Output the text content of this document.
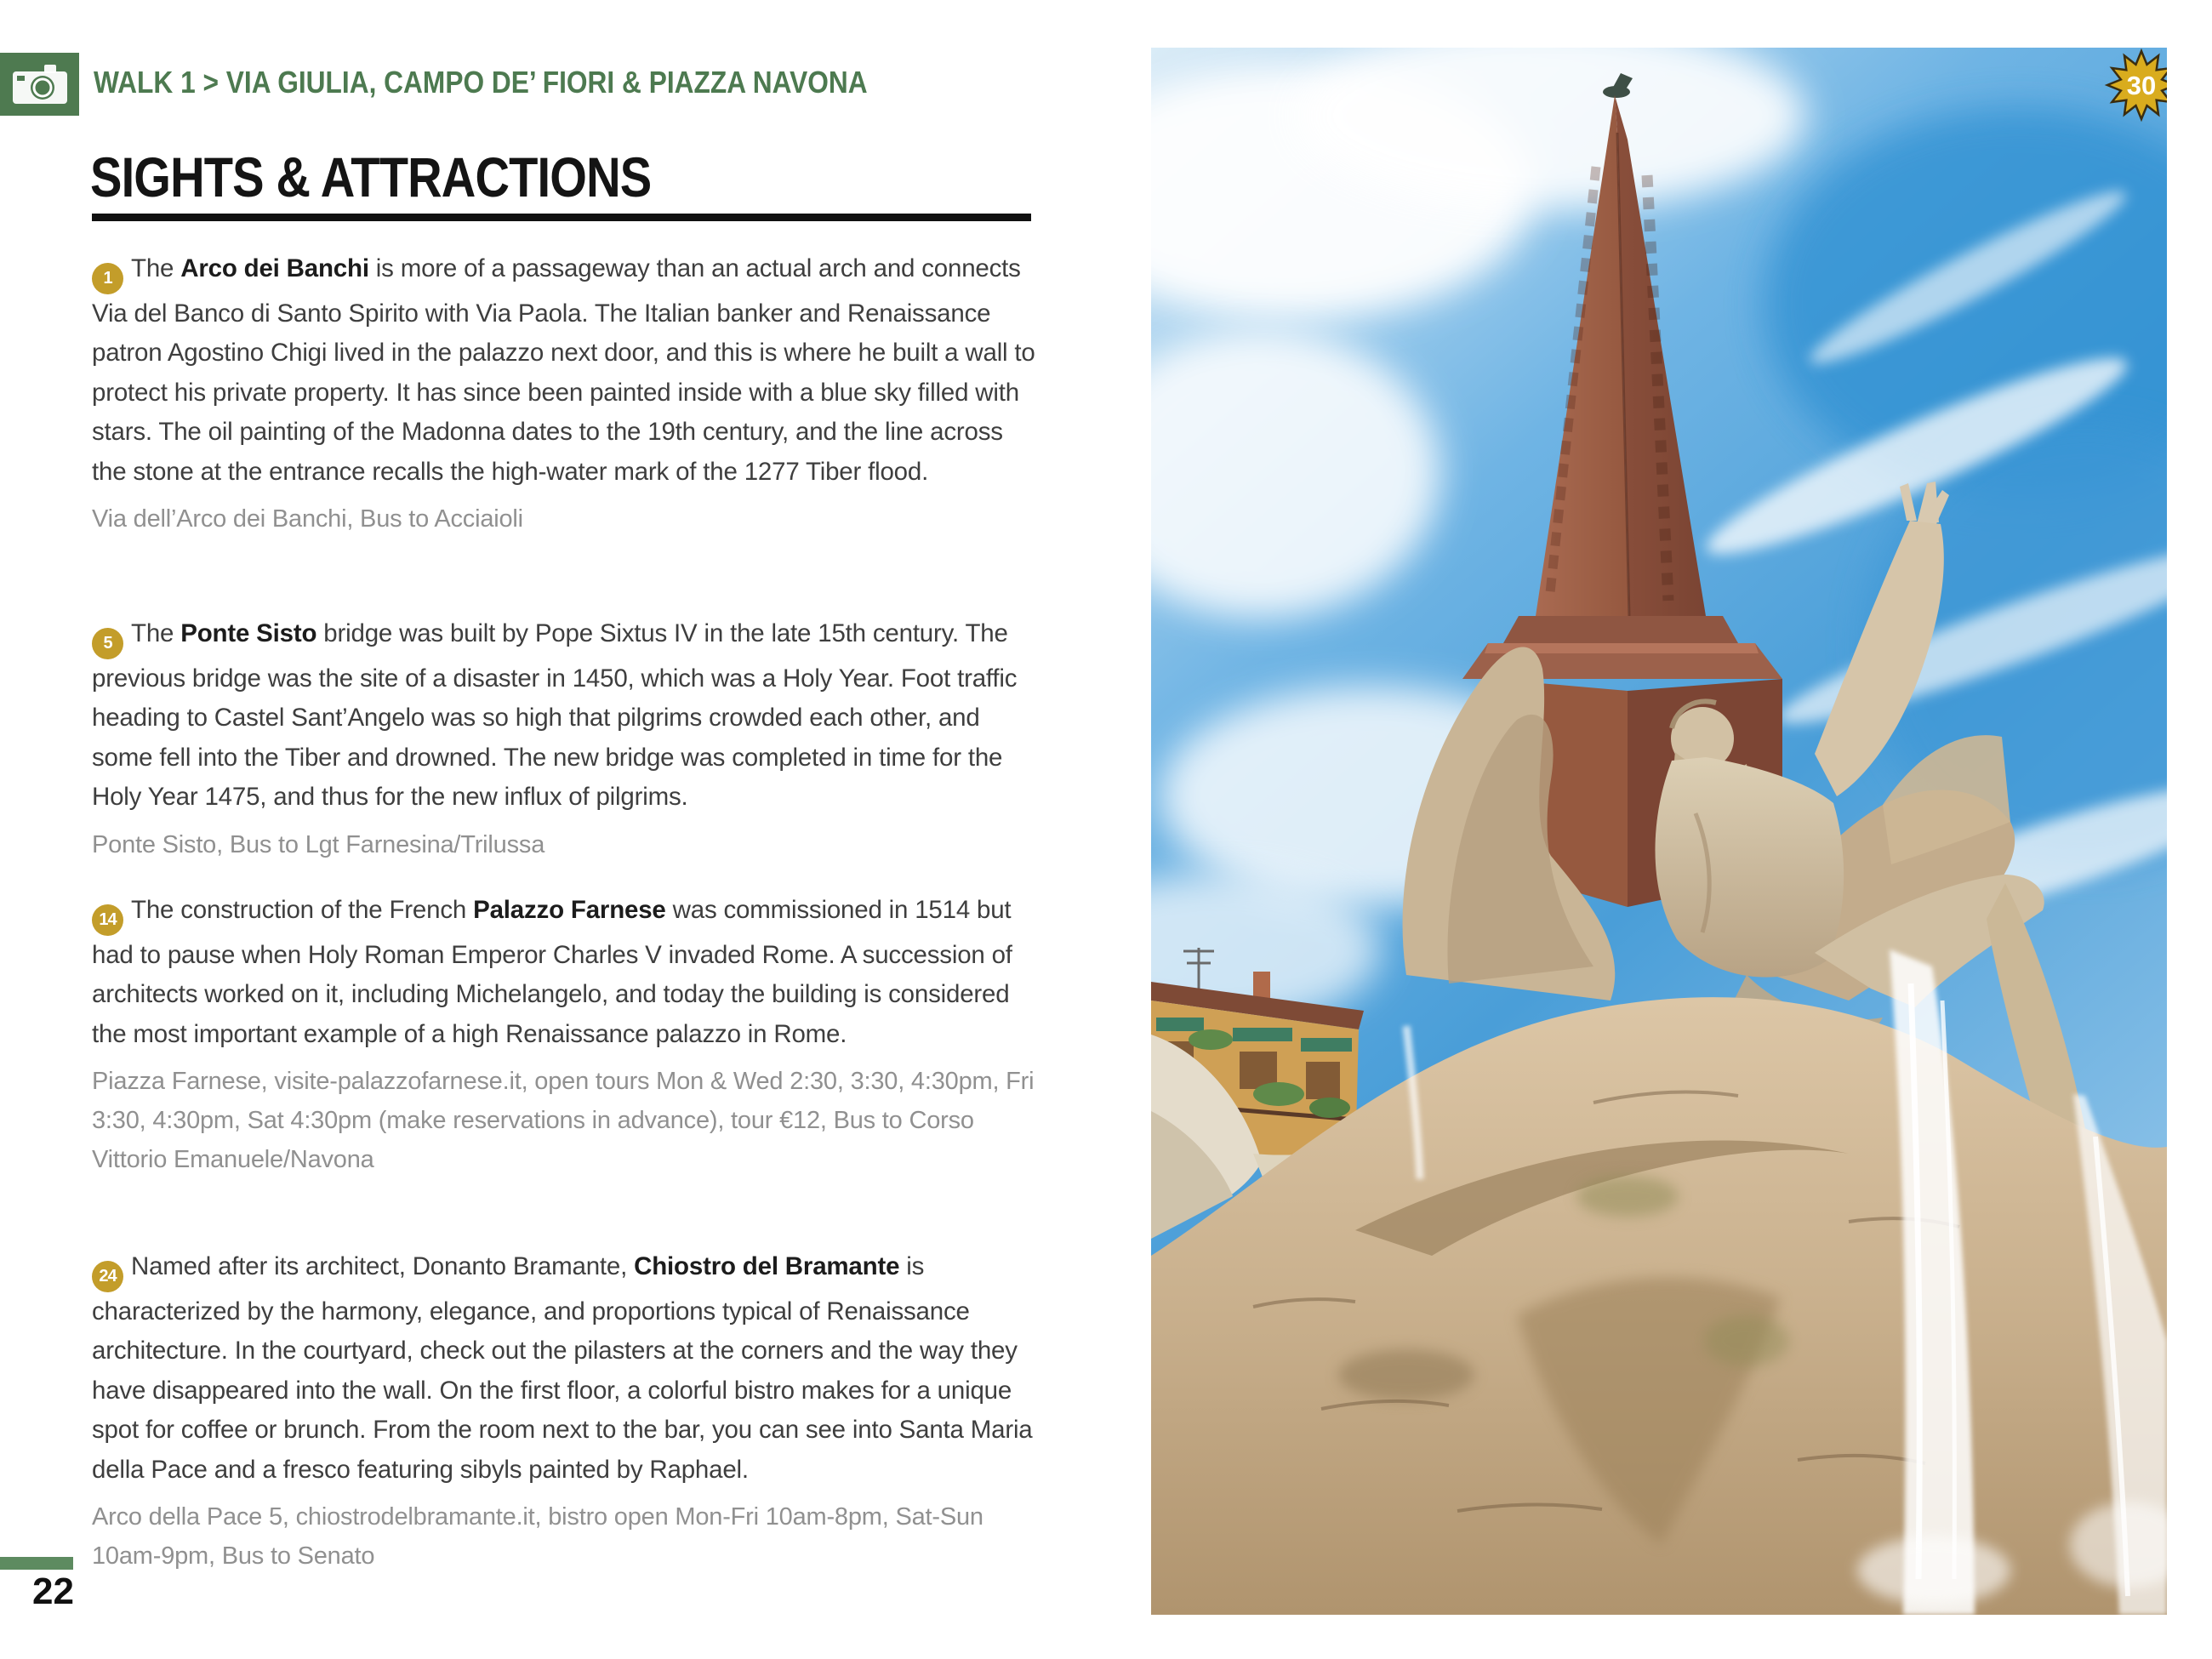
WALK 1 > VIA GIULIA, CAMPO DE’ FIORI & PIAZZA NAVONA
SIGHTS & ATTRACTIONS

1 The Arco dei Banchi is more of a passageway than an actual arch and connects Via del Banco di Santo Spirito with Via Paola. The Italian banker and Renaissance patron Agostino Chigi lived in the palazzo next door, and this is where he built a wall to protect his private property. It has since been painted inside with a blue sky filled with stars. The oil painting of the Madonna dates to the 19th century, and the line across the stone at the entrance recalls the high-water mark of the 1277 Tiber flood.

Via dell’Arco dei Banchi, Bus to Acciaioli

5 The Ponte Sisto bridge was built by Pope Sixtus IV in the late 15th century. The previous bridge was the site of a disaster in 1450, which was a Holy Year. Foot traffic heading to Castel Sant’Angelo was so high that pilgrims crowded each other, and some fell into the Tiber and drowned. The new bridge was completed in time for the Holy Year 1475, and thus for the new influx of pilgrims.

Ponte Sisto, Bus to Lgt Farnesina/Trilussa

14 The construction of the French Palazzo Farnese was commissioned in 1514 but had to pause when Holy Roman Emperor Charles V invaded Rome. A succession of architects worked on it, including Michelangelo, and today the building is considered the most important example of a high Renaissance palazzo in Rome.

Piazza Farnese, visite-palazzofarnese.it, open tours Mon & Wed 2:30, 3:30, 4:30pm, Fri 3:30, 4:30pm, Sat 4:30pm (make reservations in advance), tour €12, Bus to Corso Vittorio Emanuele/Navona

24 Named after its architect, Donanto Bramante, Chiostro del Bramante is characterized by the harmony, elegance, and proportions typical of Renaissance architecture. In the courtyard, check out the pilasters at the corners and the way they have disappeared into the wall. On the first floor, a colorful bistro makes for a unique spot for coffee or brunch. From the room next to the bar, you can see into Santa Maria della Pace and a fresco featuring sibyls painted by Raphael.

Arco della Pace 5, chiostrodelbramante.it, bistro open Mon-Fri 10am-8pm, Sat-Sun 10am-9pm, Bus to Senato
22
30
